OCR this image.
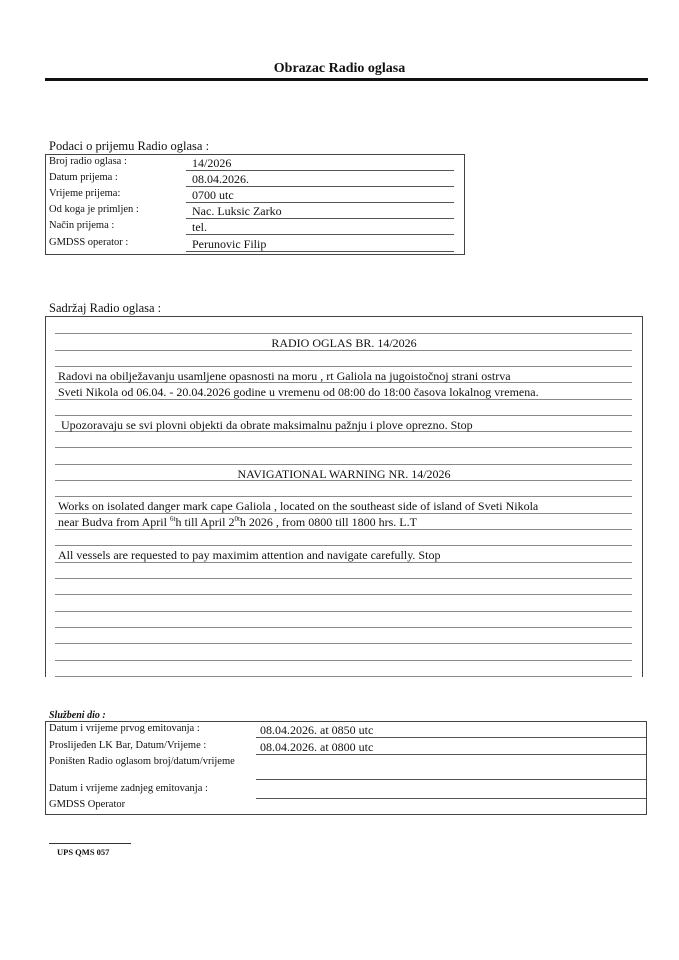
Obrazac Radio oglasa
Podaci o prijemu Radio oglasa :
Broj radio oglasa :	14/2026
Datum prijema :	08.04.2026.
Vrijeme prijema:	0700 utc
Od koga je primljen :	Nac. Luksic Zarko
Način prijema :	tel.
GMDSS operator :	Perunovic Filip
Sadržaj Radio oglasa :
RADIO OGLAS BR. 14/2026
Radovi na obilježavanju usamljene opasnosti na moru , rt Galiola na jugoistočnoj strani ostrva
Sveti Nikola od 06.04. - 20.04.2026 godine u vremenu od 08:00 do 18:00 časova lokalnog vremena.
Upozoravaju se svi plovni objekti da obrate maksimalnu pažnju i plove oprezno. Stop
NAVIGATIONAL WARNING NR. 14/2026
Works on isolated danger mark cape Galiola , located on the southeast side of island of Sveti Nikola
near Budva from April $^{6t}$h till April $2^{0t}h$ 2026 , from 0800 till 1800 hrs. L.T
All vessels are requested to pay maximim attention and navigate carefully. Stop
Službeni dio :
Datum i vrijeme prvog emitovanja :	08.04.2026. at 0850 utc
Proslijeđen LK Bar, Datum/Vrijeme :	08.04.2026. at 0800 utc
Poništen Radio oglasom broj/datum/vrijeme
Datum i vrijeme zadnjeg emitovanja :
GMDSS Operator
UPS QMS 057
